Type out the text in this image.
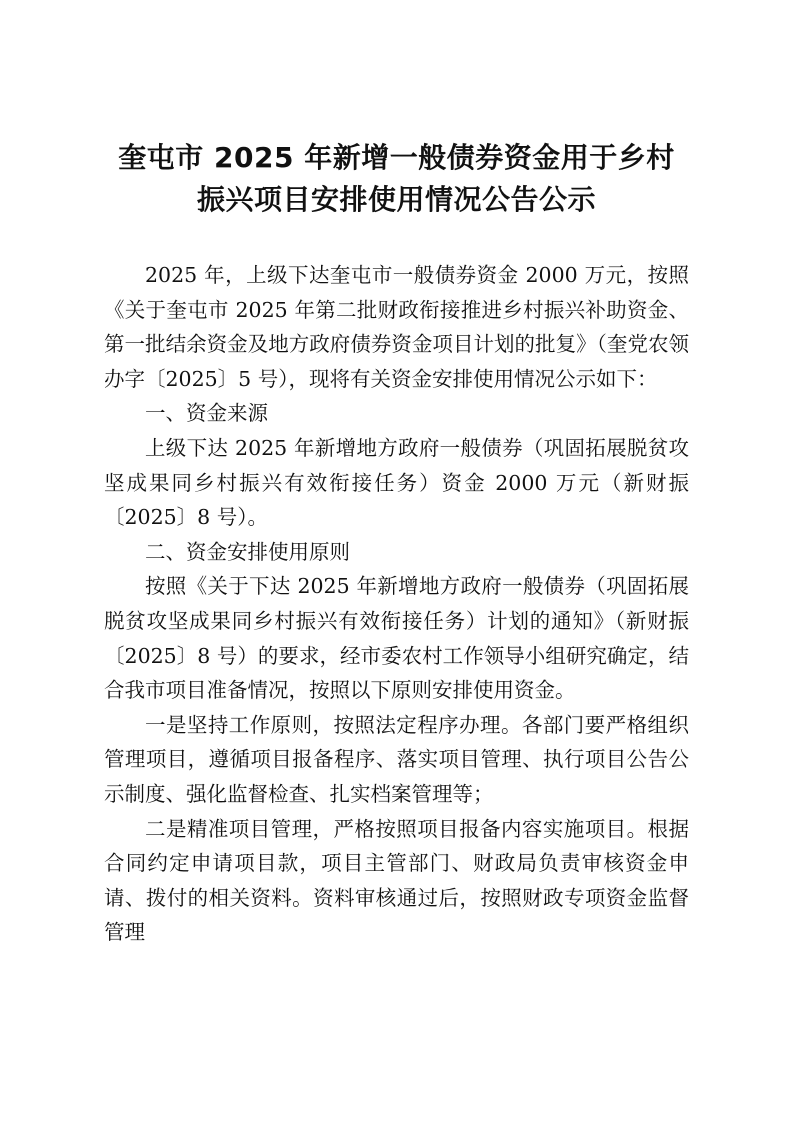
奎屯市 2025 年新增一般债券资金用于乡村
振兴项目安排使用情况公告公示

2025 年，上级下达奎屯市一般债券资金 2000 万元，按照《关于奎屯市 2025 年第二批财政衔接推进乡村振兴补助资金、第一批结余资金及地方政府债券资金项目计划的批复》（奎党农领办字〔2025〕5 号），现将有关资金安排使用情况公示如下：

一、资金来源

上级下达 2025 年新增地方政府一般债券（巩固拓展脱贫攻坚成果同乡村振兴有效衔接任务）资金 2000 万元（新财振〔2025〕8 号）。

二、资金安排使用原则

按照《关于下达 2025 年新增地方政府一般债券（巩固拓展脱贫攻坚成果同乡村振兴有效衔接任务）计划的通知》（新财振〔2025〕8 号）的要求，经市委农村工作领导小组研究确定，结合我市项目准备情况，按照以下原则安排使用资金。

一是坚持工作原则，按照法定程序办理。各部门要严格组织管理项目，遵循项目报备程序、落实项目管理、执行项目公告公示制度、强化监督检查、扎实档案管理等；

二是精准项目管理，严格按照项目报备内容实施项目。根据合同约定申请项目款，项目主管部门、财政局负责审核资金申请、拨付的相关资料。资料审核通过后，按照财政专项资金监督管理
